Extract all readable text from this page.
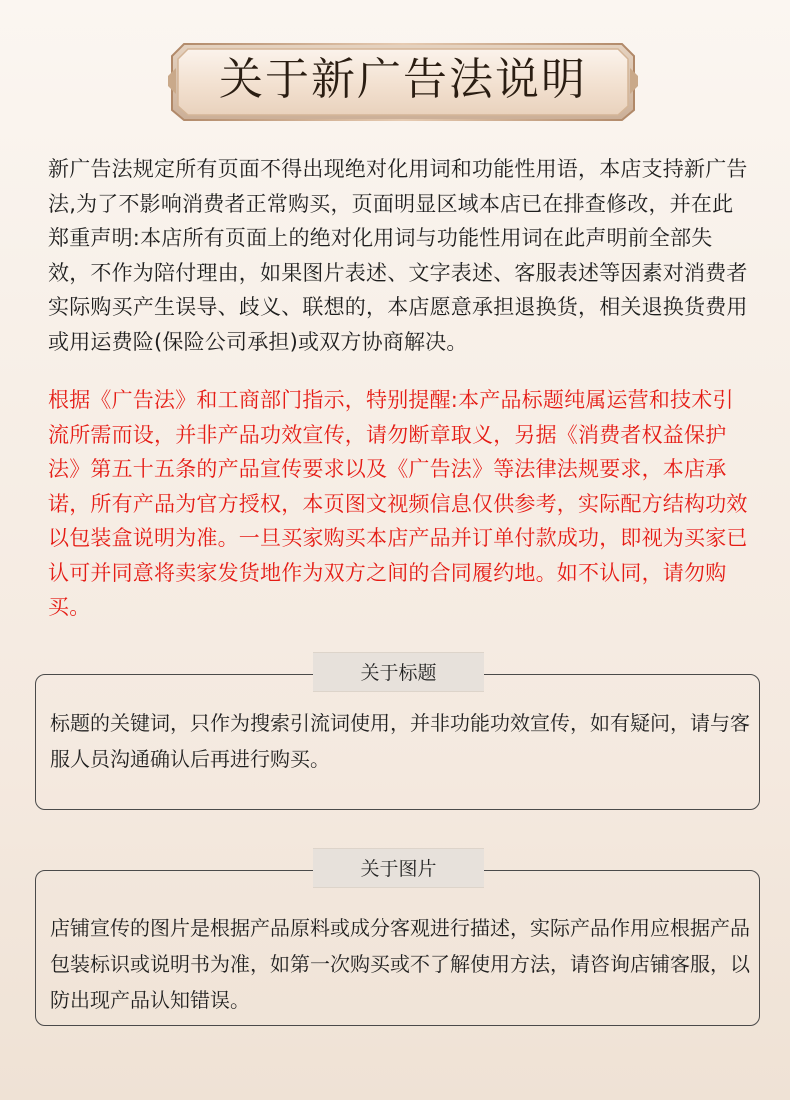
关于新广告法说明

新广告法规定所有页面不得出现绝对化用词和功能性用语，本店支持新广告法,为了不影响消费者正常购买，页面明显区域本店已在排查修改，并在此郑重声明:本店所有页面上的绝对化用词与功能性用词在此声明前全部失效，不作为陪付理由，如果图片表述、文字表述、客服表述等因素对消费者实际购买产生误导、歧义、联想的，本店愿意承担退换货，相关退换货费用或用运费险(保险公司承担)或双方协商解决。

根据《广告法》和工商部门指示，特别提醒:本产品标题纯属运营和技术引流所需而设，并非产品功效宣传，请勿断章取义，另据《消费者权益保护法》第五十五条的产品宣传要求以及《广告法》等法律法规要求，本店承诺，所有产品为官方授权，本页图文视频信息仅供参考，实际配方结构功效以包装盒说明为准。一旦买家购买本店产品并订单付款成功，即视为买家已认可并同意将卖家发货地作为双方之间的合同履约地。如不认同，请勿购买。

标题的关键词，只作为搜索引流词使用，并非功能功效宣传，如有疑问，请与客服人员沟通确认后再进行购买。

关于标题

店铺宣传的图片是根据产品原料或成分客观进行描述，实际产品作用应根据产品包装标识或说明书为准，如第一次购买或不了解使用方法，请咨询店铺客服，以防出现产品认知错误。

关于图片
